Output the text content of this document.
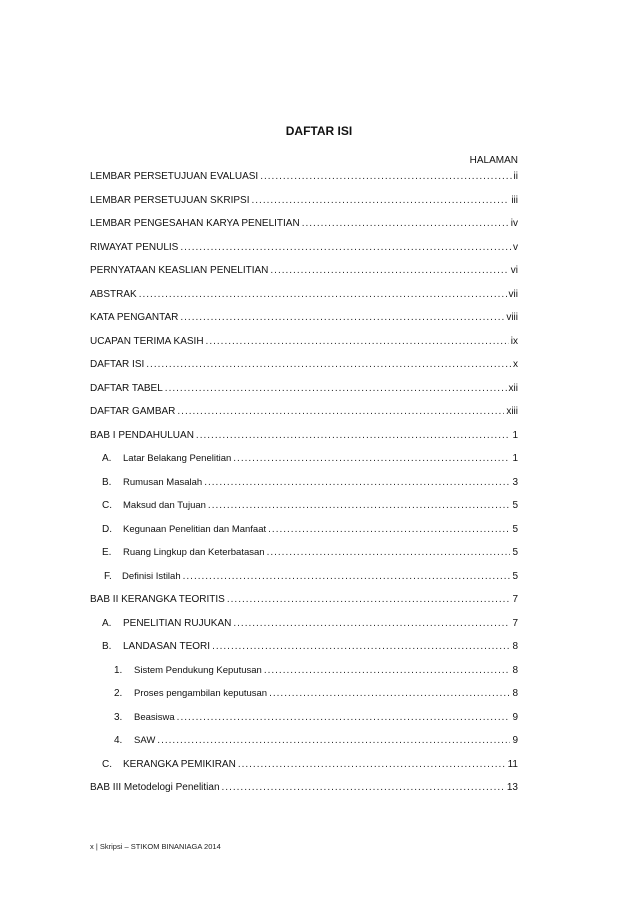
DAFTAR ISI
HALAMAN
LEMBAR PERSETUJUAN EVALUASI .....	ii
LEMBAR PERSETUJUAN SKRIPSI .....	iii
LEMBAR PENGESAHAN KARYA PENELITIAN .....	iv
RIWAYAT PENULIS .....	v
PERNYATAAN KEASLIAN PENELITIAN .....	vi
ABSTRAK .....	vii
KATA PENGANTAR .....	viii
UCAPAN TERIMA KASIH .....	ix
DAFTAR ISI .....	x
DAFTAR TABEL .....	xii
DAFTAR GAMBAR .....	xiii
BAB I PENDAHULUAN .....	1
A.	Latar Belakang Penelitian .....	1
B.	Rumusan Masalah .....	3
C.	Maksud dan Tujuan .....	5
D.	Kegunaan Penelitian dan Manfaat .....	5
E.	Ruang Lingkup dan Keterbatasan .....	5
F.	Definisi Istilah .....	5
BAB II KERANGKA TEORITIS .....	7
A.	PENELITIAN RUJUKAN .....	7
B.	LANDASAN TEORI .....	8
1.	Sistem Pendukung Keputusan .....	8
2.	Proses pengambilan keputusan .....	8
3.	Beasiswa .....	9
4.	SAW .....	9
C.	KERANGKA PEMIKIRAN .....	11
BAB III Metodelogi Penelitian .....	13
x | Skripsi – STIKOM BINANIAGA 2014
